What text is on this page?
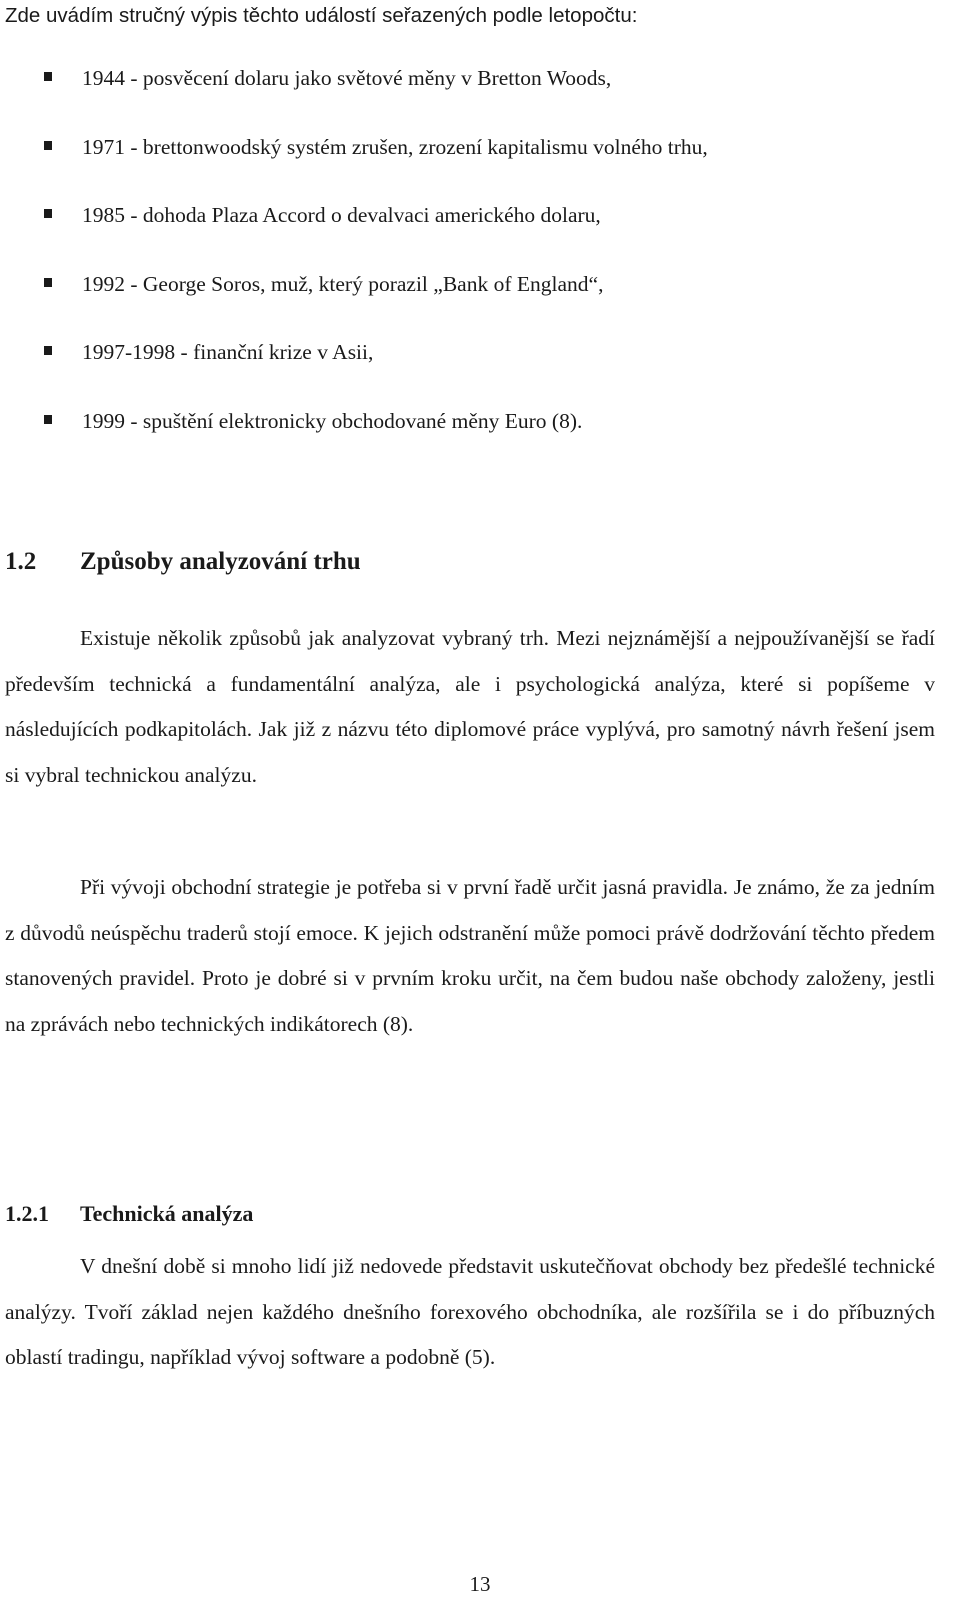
Zde uvádím stručný výpis těchto událostí seřazených podle letopočtu:
1944 - posvěcení dolaru jako světové měny v Bretton Woods,
1971 - brettonwoodský systém zrušen, zrození kapitalismu volného trhu,
1985 - dohoda Plaza Accord o devalvaci amerického dolaru,
1992 - George Soros, muž, který porazil „Bank of England“,
1997-1998 - finanční krize v Asii,
1999 - spuštění elektronicky obchodované měny Euro (8).
1.2 Způsoby analyzování trhu

Existuje několik způsobů jak analyzovat vybraný trh. Mezi nejznámější a nejpoužívanější se řadí především technická a fundamentální analýza, ale i psychologická analýza, které si popíšeme v následujících podkapitolách. Jak již z názvu této diplomové práce vyplývá, pro samotný návrh řešení jsem si vybral technickou analýzu.

Při vývoji obchodní strategie je potřeba si v první řadě určit jasná pravidla. Je známo, že za jedním z důvodů neúspěchu traderů stojí emoce. K jejich odstranění může pomoci právě dodržování těchto předem stanovených pravidel. Proto je dobré si v prvním kroku určit, na čem budou naše obchody založeny, jestli na zprávách nebo technických indikátorech (8).

1.2.1 Technická analýza

V dnešní době si mnoho lidí již nedovede představit uskutečňovat obchody bez předešlé technické analýzy. Tvoří základ nejen každého dnešního forexového obchodníka, ale rozšířila se i do příbuzných oblastí tradingu, například vývoj software a podobně (5).

13
